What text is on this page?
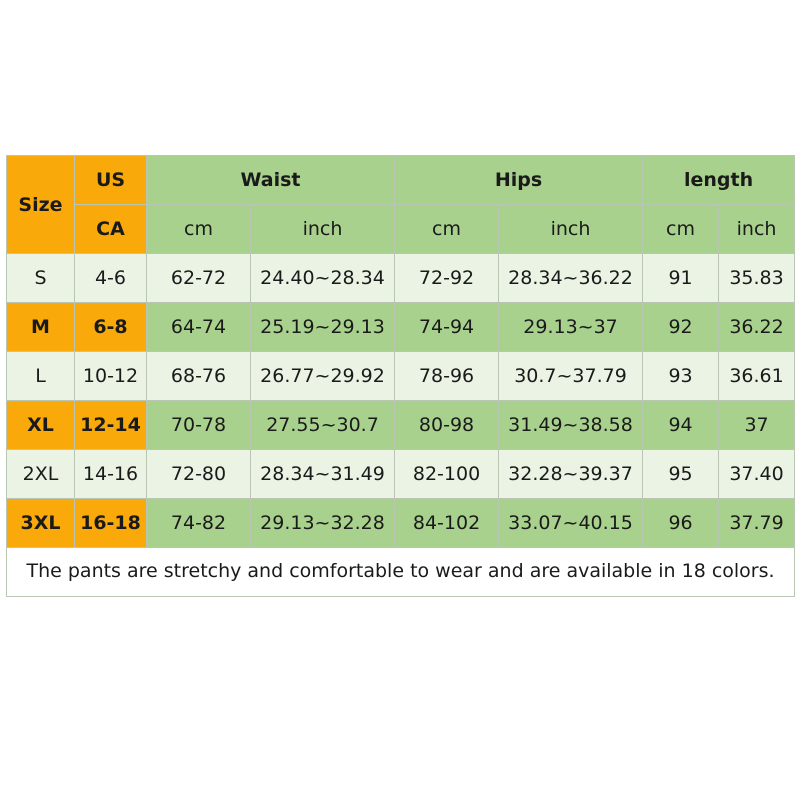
Size	US	Waist		Hips		length	
	CA	cm	inch	cm	inch	cm	inch
S	4-6	62-72	24.40~28.34	72-92	28.34~36.22	91	35.83
M	6-8	64-74	25.19~29.13	74-94	29.13~37	92	36.22
L	10-12	68-76	26.77~29.92	78-96	30.7~37.79	93	36.61
XL	12-14	70-78	27.55~30.7	80-98	31.49~38.58	94	37
2XL	14-16	72-80	28.34~31.49	82-100	32.28~39.37	95	37.40
3XL	16-18	74-82	29.13~32.28	84-102	33.07~40.15	96	37.79
The pants are stretchy and comfortable to wear and are available in 18 colors.							
